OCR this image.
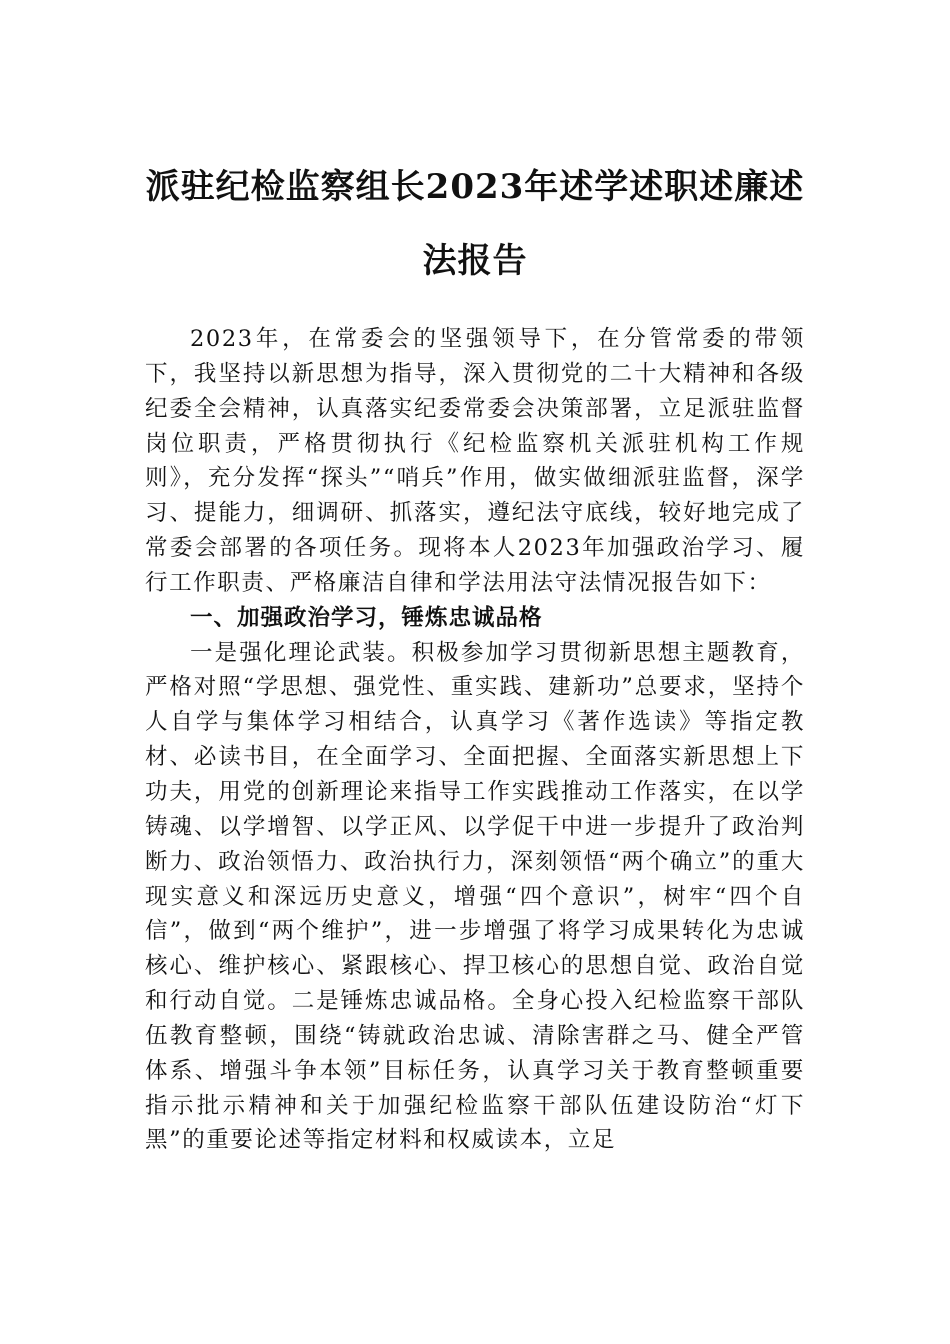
派驻纪检监察组长2023年述学述职述廉述法报告

2023年，在常委会的坚强领导下，在分管常委的带领下，我坚持以新思想为指导，深入贯彻党的二十大精神和各级纪委全会精神，认真落实纪委常委会决策部署，立足派驻监督岗位职责，严格贯彻执行《纪检监察机关派驻机构工作规则》，充分发挥“探头”“哨兵”作用，做实做细派驻监督，深学习、提能力，细调研、抓落实，遵纪法守底线，较好地完成了常委会部署的各项任务。现将本人2023年加强政治学习、履行工作职责、严格廉洁自律和学法用法守法情况报告如下：

一、加强政治学习，锤炼忠诚品格

一是强化理论武装。积极参加学习贯彻新思想主题教育，严格对照“学思想、强党性、重实践、建新功”总要求，坚持个人自学与集体学习相结合，认真学习《著作选读》等指定教材、必读书目，在全面学习、全面把握、全面落实新思想上下功夫，用党的创新理论来指导工作实践推动工作落实，在以学铸魂、以学增智、以学正风、以学促干中进一步提升了政治判断力、政治领悟力、政治执行力，深刻领悟“两个确立”的重大现实意义和深远历史意义，增强“四个意识”，树牢“四个自信”，做到“两个维护”，进一步增强了将学习成果转化为忠诚核心、维护核心、紧跟核心、捍卫核心的思想自觉、政治自觉和行动自觉。二是锤炼忠诚品格。全身心投入纪检监察干部队伍教育整顿，围绕“铸就政治忠诚、清除害群之马、健全严管体系、增强斗争本领”目标任务，认真学习关于教育整顿重要指示批示精神和关于加强纪检监察干部队伍建设防治“灯下黑”的重要论述等指定材料和权威读本，立足
